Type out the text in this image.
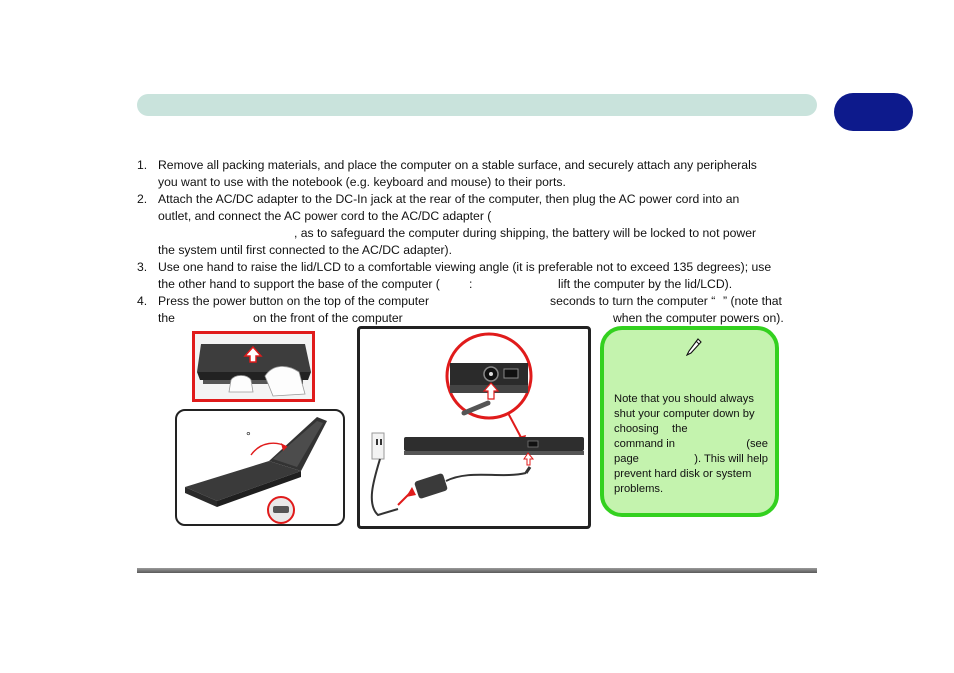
1. Remove all packing materials, and place the computer on a stable surface, and securely attach any peripherals
you want to use with the notebook (e.g. keyboard and mouse) to their ports.
2. Attach the AC/DC adapter to the DC-In jack at the rear of the computer, then plug the AC power cord into an
outlet, and connect the AC power cord to the AC/DC adapter (
, as to safeguard the computer during shipping, the battery will be locked to not power
the system until first connected to the AC/DC adapter).
3. Use one hand to raise the lid/LCD to a comfortable viewing angle (it is preferable not to exceed 135 degrees); use
the other hand to support the base of the computer ( :	lift the computer by the lid/LCD).
4. Press the power button on the top of the computer	seconds to turn the computer “ ” (note that
the	on the front of the computer	when the computer powers on).
°
Note that you should always
shut your computer down by
choosing the
command in	(see
page	). This will help
prevent hard disk or system
problems.
